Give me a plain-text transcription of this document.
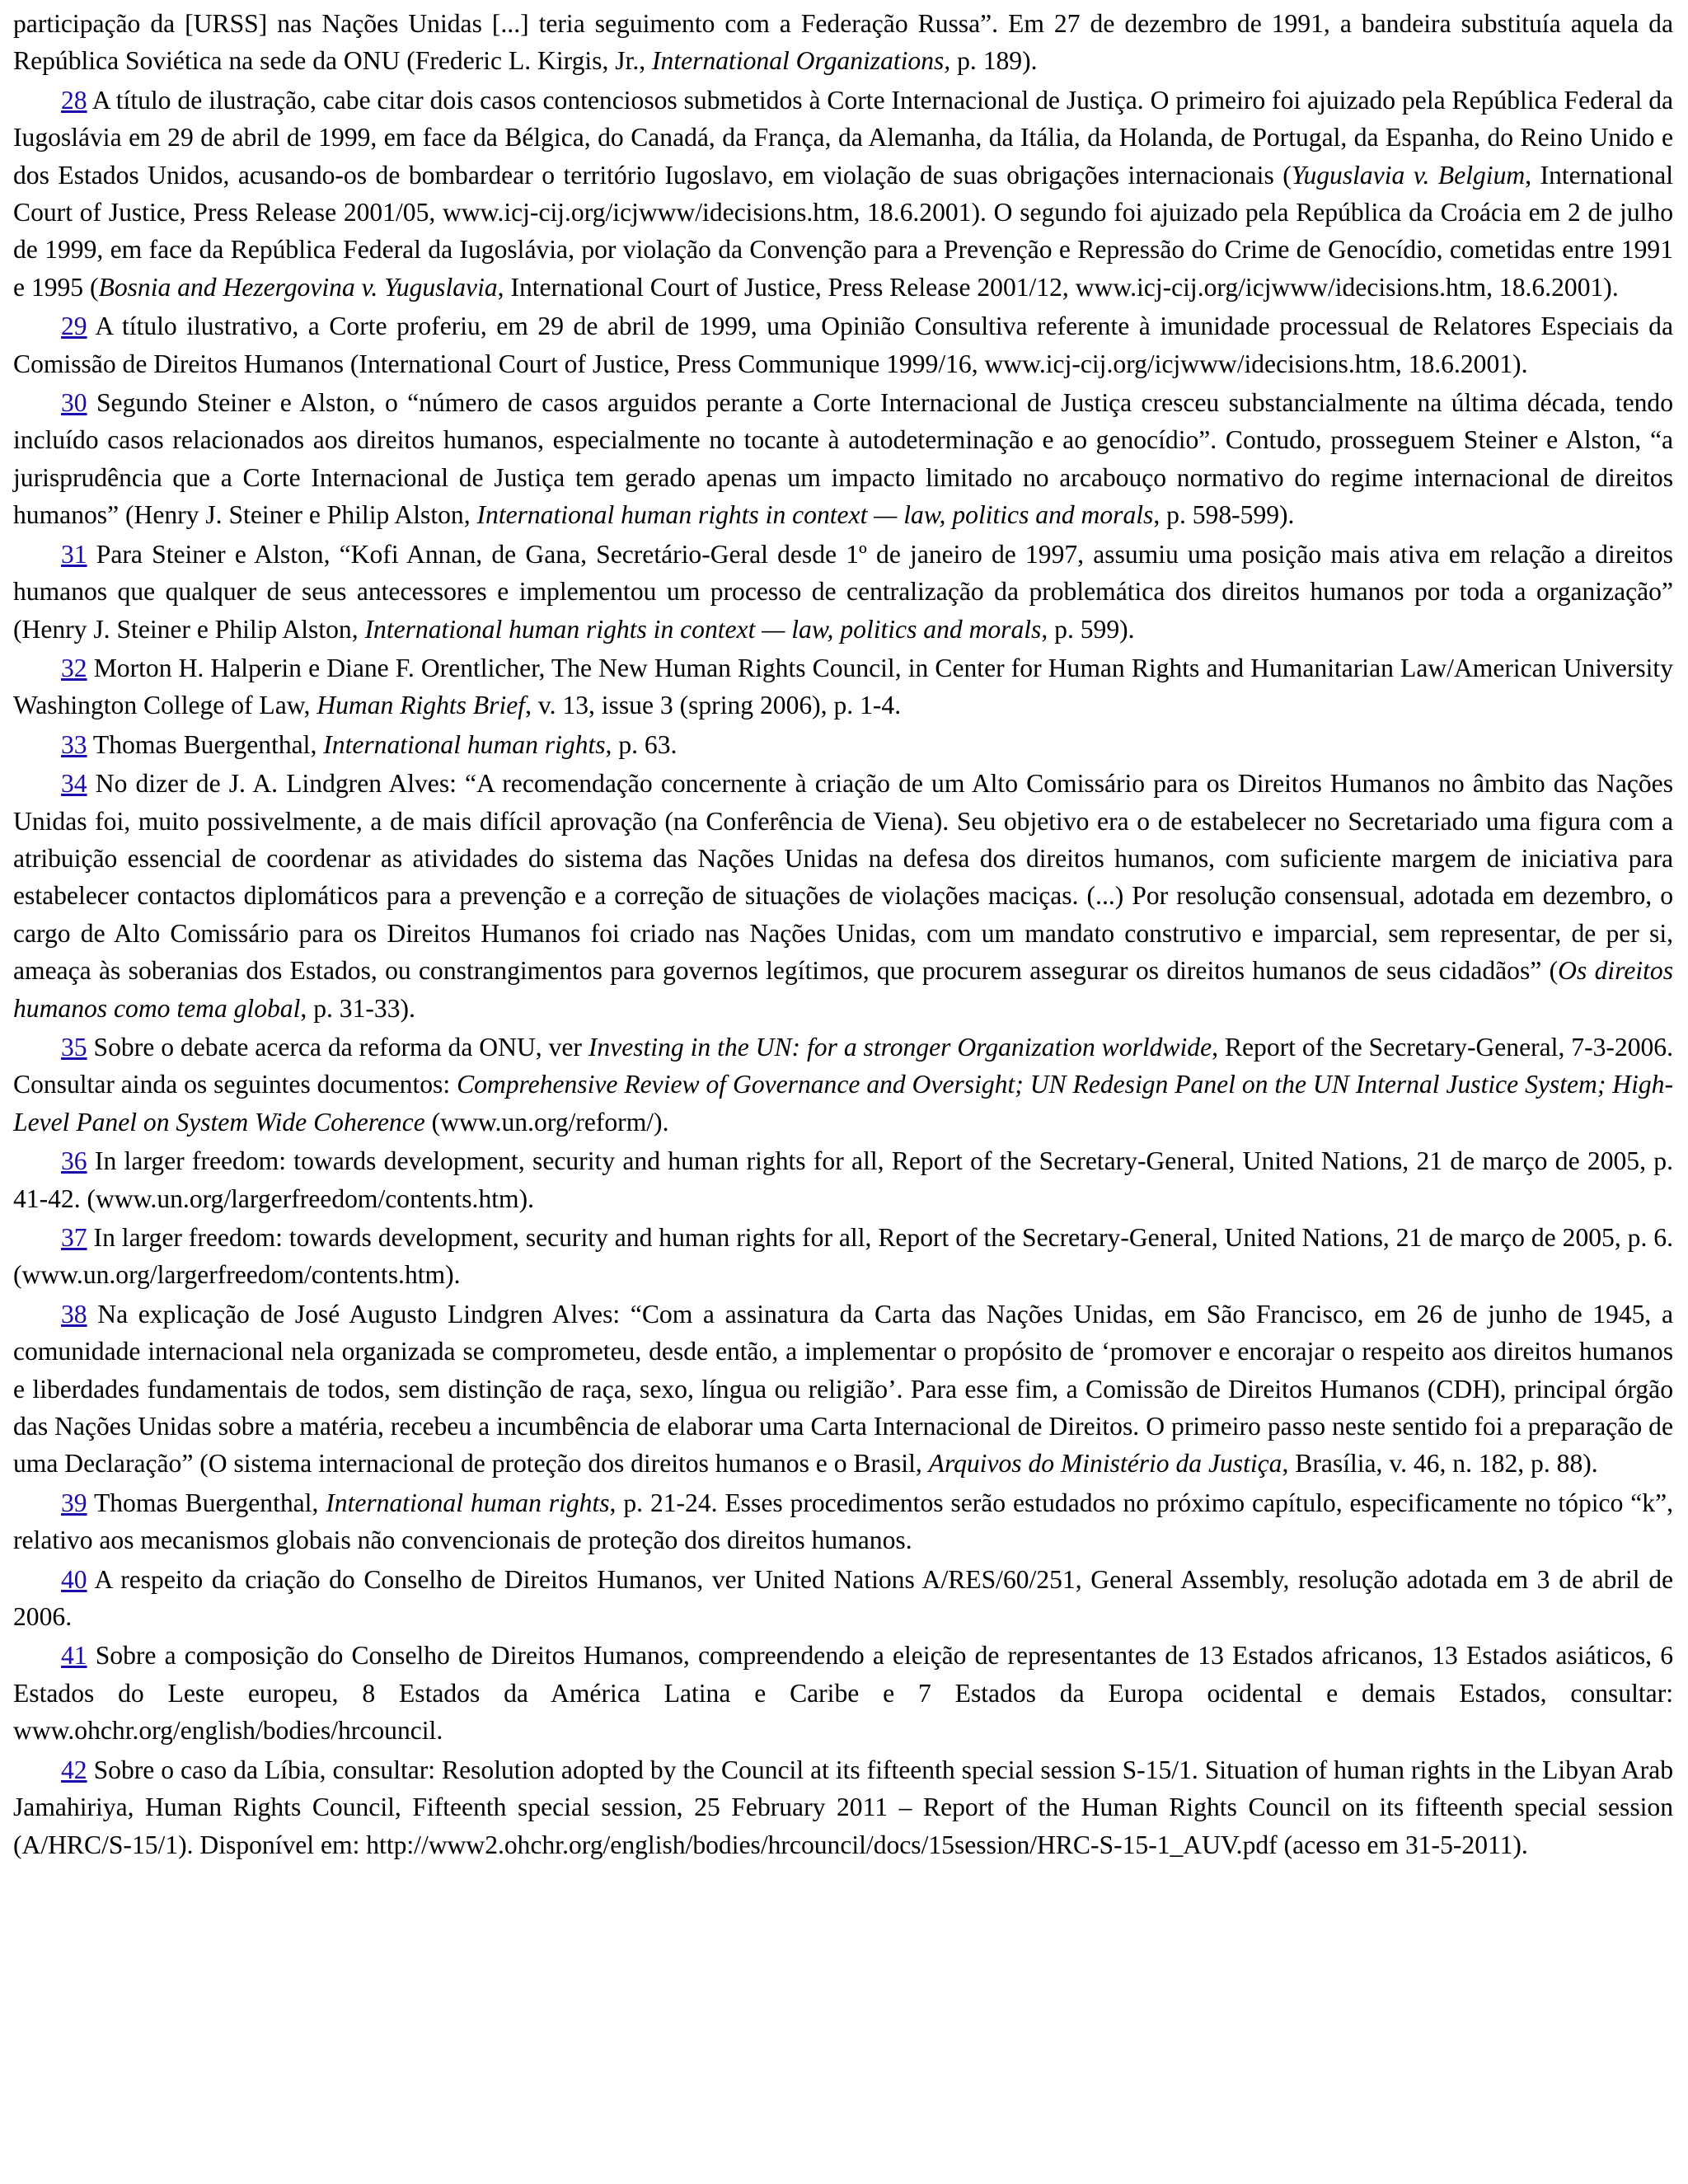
participação da [URSS] nas Nações Unidas [...] teria seguimento com a Federação Russa”. Em 27 de dezembro de 1991, a bandeira substituía aquela da República Soviética na sede da ONU (Frederic L. Kirgis, Jr., International Organizations, p. 189).

28 A título de ilustração, cabe citar dois casos contenciosos submetidos à Corte Internacional de Justiça. O primeiro foi ajuizado pela República Federal da Iugoslávia em 29 de abril de 1999, em face da Bélgica, do Canadá, da França, da Alemanha, da Itália, da Holanda, de Portugal, da Espanha, do Reino Unido e dos Estados Unidos, acusando-os de bombardear o território Iugoslavo, em violação de suas obrigações internacionais (Yuguslavia v. Belgium, International Court of Justice, Press Release 2001/05, www.icj-cij.org/icjwww/idecisions.htm, 18.6.2001). O segundo foi ajuizado pela República da Croácia em 2 de julho de 1999, em face da República Federal da Iugoslávia, por violação da Convenção para a Prevenção e Repressão do Crime de Genocídio, cometidas entre 1991 e 1995 (Bosnia and Hezergovina v. Yuguslavia, International Court of Justice, Press Release 2001/12, www.icj-cij.org/icjwww/idecisions.htm, 18.6.2001).

29 A título ilustrativo, a Corte proferiu, em 29 de abril de 1999, uma Opinião Consultiva referente à imunidade processual de Relatores Especiais da Comissão de Direitos Humanos (International Court of Justice, Press Communique 1999/16, www.icj-cij.org/icjwww/idecisions.htm, 18.6.2001).

30 Segundo Steiner e Alston, o “número de casos arguidos perante a Corte Internacional de Justiça cresceu substancialmente na última década, tendo incluído casos relacionados aos direitos humanos, especialmente no tocante à autodeterminação e ao genocídio”. Contudo, prosseguem Steiner e Alston, “a jurisprudência que a Corte Internacional de Justiça tem gerado apenas um impacto limitado no arcabouço normativo do regime internacional de direitos humanos” (Henry J. Steiner e Philip Alston, International human rights in context — law, politics and morals, p. 598-599).

31 Para Steiner e Alston, “Kofi Annan, de Gana, Secretário-Geral desde 1º de janeiro de 1997, assumiu uma posição mais ativa em relação a direitos humanos que qualquer de seus antecessores e implementou um processo de centralização da problemática dos direitos humanos por toda a organização” (Henry J. Steiner e Philip Alston, International human rights in context — law, politics and morals, p. 599).

32 Morton H. Halperin e Diane F. Orentlicher, The New Human Rights Council, in Center for Human Rights and Humanitarian Law/American University Washington College of Law, Human Rights Brief, v. 13, issue 3 (spring 2006), p. 1-4.

33 Thomas Buergenthal, International human rights, p. 63.

34 No dizer de J. A. Lindgren Alves: “A recomendação concernente à criação de um Alto Comissário para os Direitos Humanos no âmbito das Nações Unidas foi, muito possivelmente, a de mais difícil aprovação (na Conferência de Viena). Seu objetivo era o de estabelecer no Secretariado uma figura com a atribuição essencial de coordenar as atividades do sistema das Nações Unidas na defesa dos direitos humanos, com suficiente margem de iniciativa para estabelecer contactos diplomáticos para a prevenção e a correção de situações de violações maciças. (...) Por resolução consensual, adotada em dezembro, o cargo de Alto Comissário para os Direitos Humanos foi criado nas Nações Unidas, com um mandato construtivo e imparcial, sem representar, de per si, ameaça às soberanias dos Estados, ou constrangimentos para governos legítimos, que procurem assegurar os direitos humanos de seus cidadãos” (Os direitos humanos como tema global, p. 31-33).

35 Sobre o debate acerca da reforma da ONU, ver Investing in the UN: for a stronger Organization worldwide, Report of the Secretary-General, 7-3-2006. Consultar ainda os seguintes documentos: Comprehensive Review of Governance and Oversight; UN Redesign Panel on the UN Internal Justice System; High-Level Panel on System Wide Coherence (www.un.org/reform/).

36 In larger freedom: towards development, security and human rights for all, Report of the Secretary-General, United Nations, 21 de março de 2005, p. 41-42. (www.un.org/largerfreedom/contents.htm).

37 In larger freedom: towards development, security and human rights for all, Report of the Secretary-General, United Nations, 21 de março de 2005, p. 6. (www.un.org/largerfreedom/contents.htm).

38 Na explicação de José Augusto Lindgren Alves: “Com a assinatura da Carta das Nações Unidas, em São Francisco, em 26 de junho de 1945, a comunidade internacional nela organizada se comprometeu, desde então, a implementar o propósito de ‘promover e encorajar o respeito aos direitos humanos e liberdades fundamentais de todos, sem distinção de raça, sexo, língua ou religião’. Para esse fim, a Comissão de Direitos Humanos (CDH), principal órgão das Nações Unidas sobre a matéria, recebeu a incumbência de elaborar uma Carta Internacional de Direitos. O primeiro passo neste sentido foi a preparação de uma Declaração” (O sistema internacional de proteção dos direitos humanos e o Brasil, Arquivos do Ministério da Justiça, Brasília, v. 46, n. 182, p. 88).

39 Thomas Buergenthal, International human rights, p. 21-24. Esses procedimentos serão estudados no próximo capítulo, especificamente no tópico “k”, relativo aos mecanismos globais não convencionais de proteção dos direitos humanos.

40 A respeito da criação do Conselho de Direitos Humanos, ver United Nations A/RES/60/251, General Assembly, resolução adotada em 3 de abril de 2006.

41 Sobre a composição do Conselho de Direitos Humanos, compreendendo a eleição de representantes de 13 Estados africanos, 13 Estados asiáticos, 6 Estados do Leste europeu, 8 Estados da América Latina e Caribe e 7 Estados da Europa ocidental e demais Estados, consultar: www.ohchr.org/english/bodies/hrcouncil.

42 Sobre o caso da Líbia, consultar: Resolution adopted by the Council at its fifteenth special session S-15/1. Situation of human rights in the Libyan Arab Jamahiriya, Human Rights Council, Fifteenth special session, 25 February 2011 – Report of the Human Rights Council on its fifteenth special session (A/HRC/S-15/1). Disponível em: http://www2.ohchr.org/english/bodies/hrcouncil/docs/15session/HRC-S-15-1_AUV.pdf (acesso em 31-5-2011).
